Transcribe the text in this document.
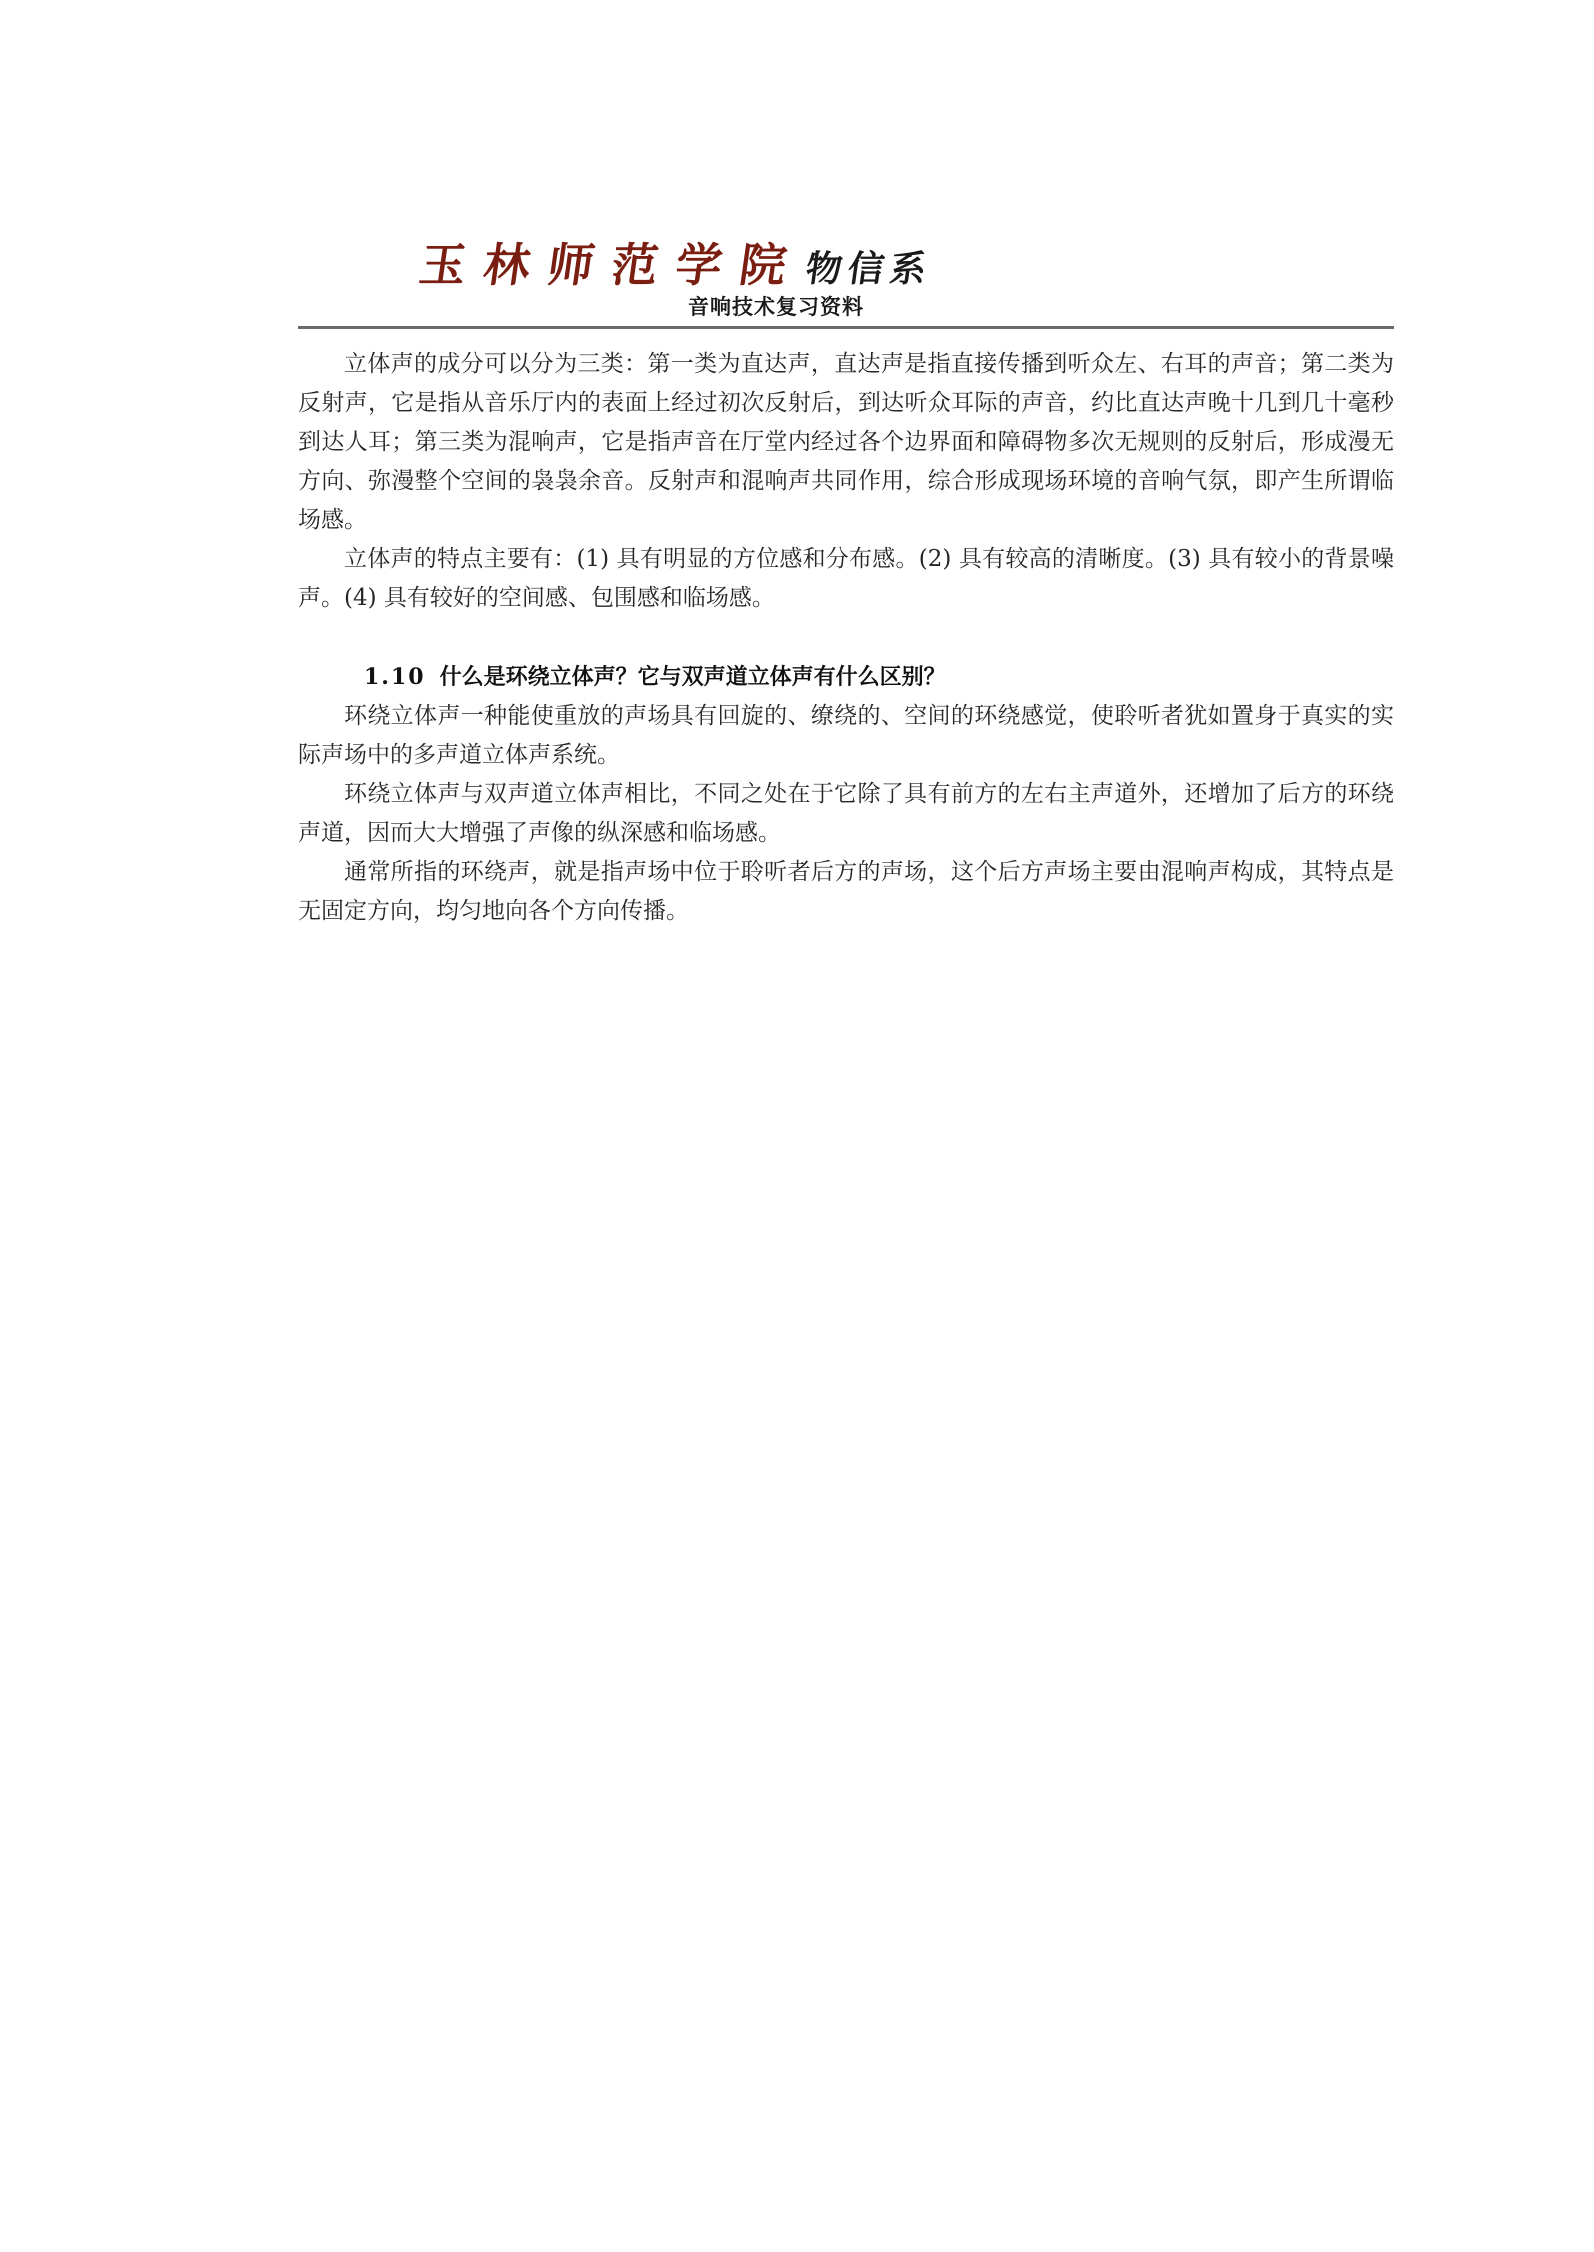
玉林师范学院物信系
音响技术复习资料

立体声的成分可以分为三类：第一类为直达声，直达声是指直接传播到听众左、右耳的声音；第二类为反射声，它是指从音乐厅内的表面上经过初次反射后，到达听众耳际的声音，约比直达声晚十几到几十毫秒到达人耳；第三类为混响声，它是指声音在厅堂内经过各个边界面和障碍物多次无规则的反射后，形成漫无方向、弥漫整个空间的袅袅余音。反射声和混响声共同作用，综合形成现场环境的音响气氛，即产生所谓临场感。

立体声的特点主要有：(1) 具有明显的方位感和分布感。(2) 具有较高的清晰度。(3) 具有较小的背景噪声。(4) 具有较好的空间感、包围感和临场感。

1.10 什么是环绕立体声？它与双声道立体声有什么区别？

环绕立体声一种能使重放的声场具有回旋的、缭绕的、空间的环绕感觉，使聆听者犹如置身于真实的实际声场中的多声道立体声系统。

环绕立体声与双声道立体声相比，不同之处在于它除了具有前方的左右主声道外，还增加了后方的环绕声道，因而大大增强了声像的纵深感和临场感。

通常所指的环绕声，就是指声场中位于聆听者后方的声场，这个后方声场主要由混响声构成，其特点是无固定方向，均匀地向各个方向传播。
